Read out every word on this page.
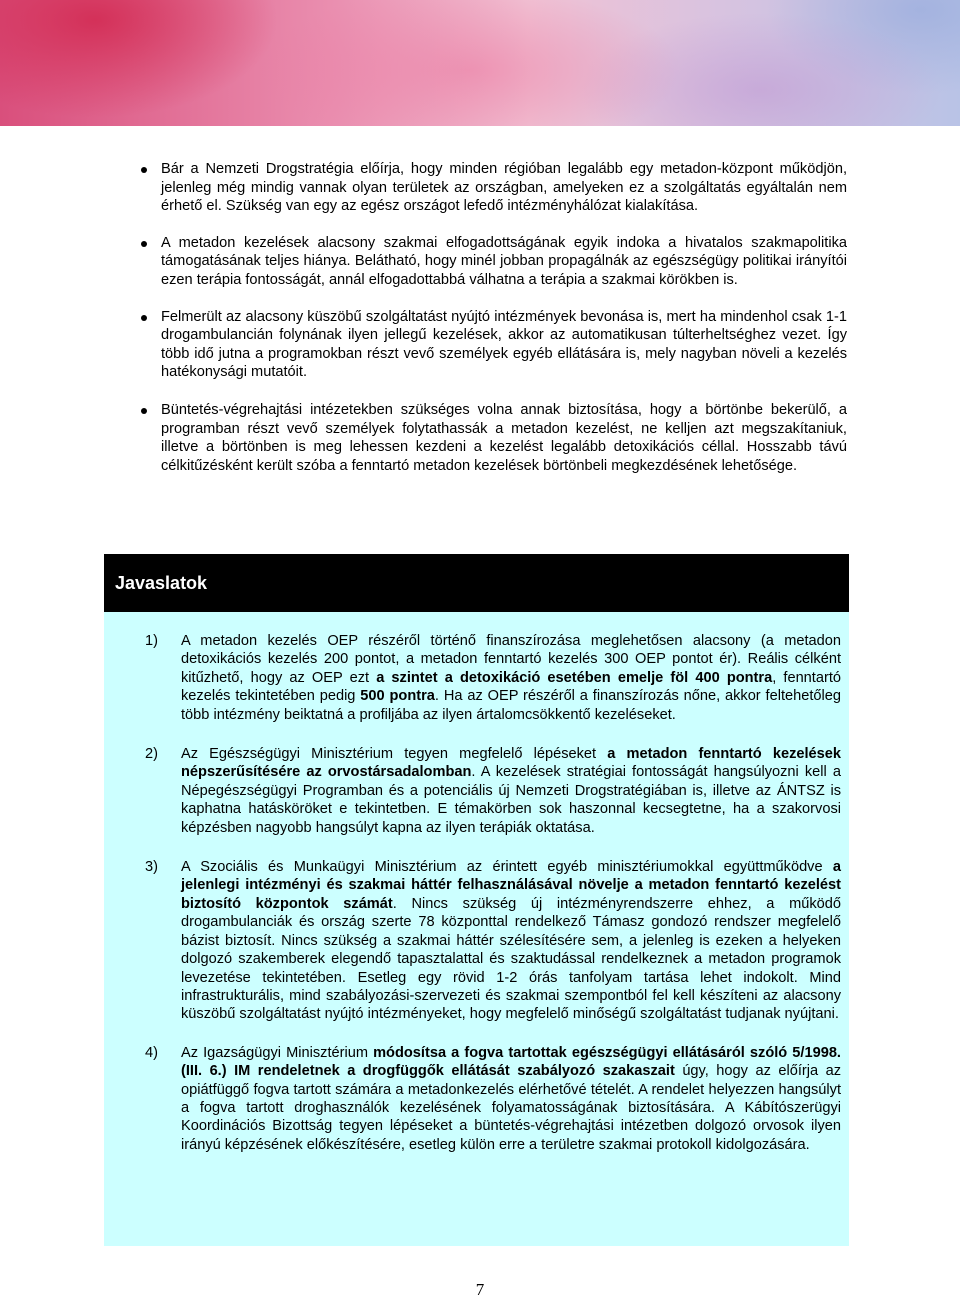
Bár a Nemzeti Drogstratégia előírja, hogy minden régióban legalább egy metadon-központ működjön, jelenleg még mindig vannak olyan területek az országban, amelyeken ez a szolgáltatás egyáltalán nem érhető el. Szükség van egy az egész országot lefedő intézményhálózat kialakítása.
A metadon kezelések alacsony szakmai elfogadottságának egyik indoka a hivatalos szakmapolitika támogatásának teljes hiánya. Belátható, hogy minél jobban propagálnák az egészségügy politikai irányítói ezen terápia fontosságát, annál elfogadottabbá válhatna a terápia a szakmai körökben is.
Felmerült az alacsony küszöbű szolgáltatást nyújtó intézmények bevonása is, mert ha mindenhol csak 1-1 drogambulancián folynának ilyen jellegű kezelések, akkor az automatikusan túlterheltséghez vezet. Így több idő jutna a programokban részt vevő személyek egyéb ellátására is, mely nagyban növeli a kezelés hatékonysági mutatóit.
Büntetés-végrehajtási intézetekben szükséges volna annak biztosítása, hogy a börtönbe bekerülő, a programban részt vevő személyek folytathassák a metadon kezelést, ne kelljen azt megszakítaniuk, illetve a börtönben is meg lehessen kezdeni a kezelést legalább detoxikációs céllal. Hosszabb távú célkitűzésként került szóba a fenntartó metadon kezelések börtönbeli megkezdésének lehetősége.
Javaslatok
1) A metadon kezelés OEP részéről történő finanszírozása meglehetősen alacsony (a metadon detoxikációs kezelés 200 pontot, a metadon fenntartó kezelés 300 OEP pontot ér). Reális célként kitűzhető, hogy az OEP ezt a szintet a detoxikáció esetében emelje föl 400 pontra, fenntartó kezelés tekintetében pedig 500 pontra. Ha az OEP részéről a finanszírozás nőne, akkor feltehetőleg több intézmény beiktatná a profiljába az ilyen ártalomcsökkentő kezeléseket.
2) Az Egészségügyi Minisztérium tegyen megfelelő lépéseket a metadon fenntartó kezelések népszerűsítésére az orvostársadalomban. A kezelések stratégiai fontosságát hangsúlyozni kell a Népegészségügyi Programban és a potenciális új Nemzeti Drogstratégiában is, illetve az ÁNTSZ is kaphatna hatásköröket e tekintetben. E témakörben sok haszonnal kecsegtetne, ha a szakorvosi képzésben nagyobb hangsúlyt kapna az ilyen terápiák oktatása.
3) A Szociális és Munkaügyi Minisztérium az érintett egyéb minisztériumokkal együttműködve a jelenlegi intézményi és szakmai háttér felhasználásával növelje a metadon fenntartó kezelést biztosító központok számát. Nincs szükség új intézményrendszerre ehhez, a működő drogambulanciák és ország szerte 78 központtal rendelkező Támasz gondozó rendszer megfelelő bázist biztosít. Nincs szükség a szakmai háttér szélesítésére sem, a jelenleg is ezeken a helyeken dolgozó szakemberek elegendő tapasztalattal és szaktudással rendelkeznek a metadon programok levezetése tekintetében. Esetleg egy rövid 1-2 órás tanfolyam tartása lehet indokolt. Mind infrastrukturális, mind szabályozási-szervezeti és szakmai szempontból fel kell készíteni az alacsony küszöbű szolgáltatást nyújtó intézményeket, hogy megfelelő minőségű szolgáltatást tudjanak nyújtani.
4) Az Igazságügyi Minisztérium módosítsa a fogva tartottak egészségügyi ellátásáról szóló 5/1998. (III. 6.) IM rendeletnek a drogfüggők ellátását szabályozó szakaszait úgy, hogy az előírja az opiátfüggő fogva tartott számára a metadonkezelés elérhetővé tételét. A rendelet helyezzen hangsúlyt a fogva tartott droghasználók kezelésének folyamatosságának biztosítására. A Kábítószerügyi Koordinációs Bizottság tegyen lépéseket a büntetés-végrehajtási intézetben dolgozó orvosok ilyen irányú képzésének előkészítésére, esetleg külön erre a területre szakmai protokoll kidolgozására.
7
